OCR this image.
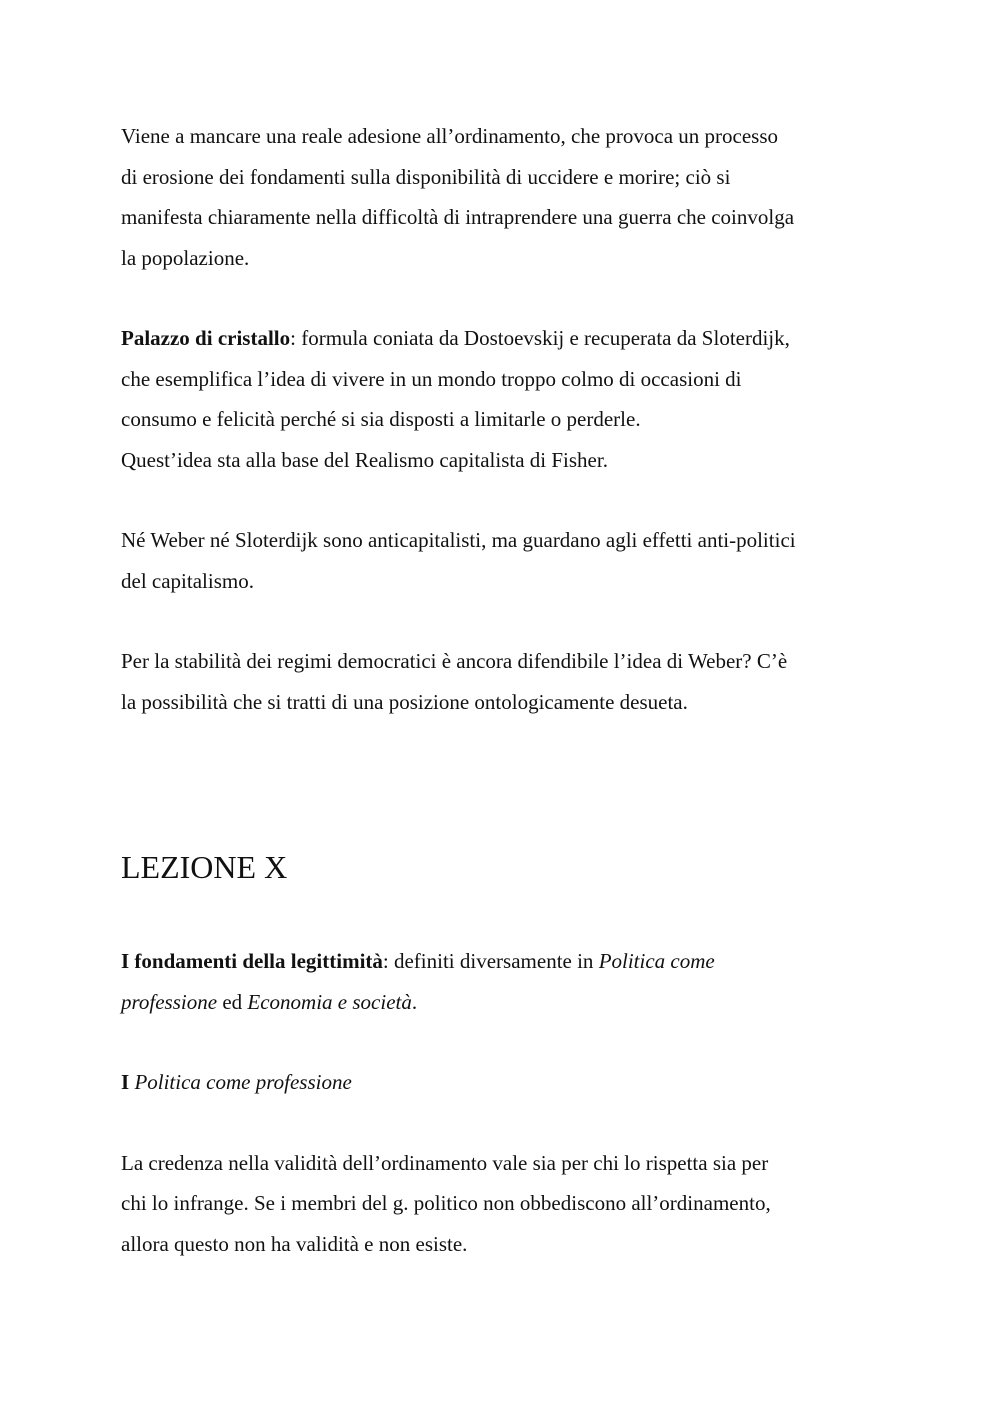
Viene a mancare una reale adesione all’ordinamento, che provoca un processo
di erosione dei fondamenti sulla disponibilità di uccidere e morire; ciò si
manifesta chiaramente nella difficoltà di intraprendere una guerra che coinvolga
la popolazione.

Palazzo di cristallo: formula coniata da Dostoevskij e recuperata da Sloterdijk,
che esemplifica l’idea di vivere in un mondo troppo colmo di occasioni di
consumo e felicità perché si sia disposti a limitarle o perderle.
Quest’idea sta alla base del Realismo capitalista di Fisher.

Né Weber né Sloterdijk sono anticapitalisti, ma guardano agli effetti anti-politici
del capitalismo.

Per la stabilità dei regimi democratici è ancora difendibile l’idea di Weber? C’è
la possibilità che si tratti di una posizione ontologicamente desueta.

LEZIONE X

I fondamenti della legittimità: definiti diversamente in Politica come
professione ed Economia e società.

I Politica come professione

La credenza nella validità dell’ordinamento vale sia per chi lo rispetta sia per
chi lo infrange. Se i membri del g. politico non obbediscono all’ordinamento,
allora questo non ha validità e non esiste.
